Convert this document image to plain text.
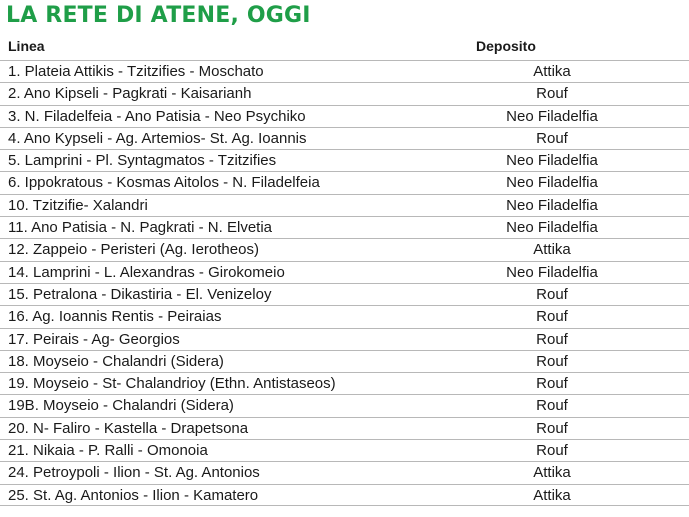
LA RETE DI ATENE, OGGI
Linea	Deposito
1. Plateia Attikis - Tzitzifies - Moschato	Attika
2. Ano Kipseli - Pagkrati - Kaisarianh	Rouf
3. N. Filadelfeia - Ano Patisia - Neo Psychiko	Neo Filadelfia
4. Ano Kypseli - Ag. Artemios- St. Ag. Ioannis	Rouf
5. Lamprini - Pl. Syntagmatos - Tzitzifies	Neo Filadelfia
6. Ippokratous - Kosmas Aitolos - N. Filadelfeia	Neo Filadelfia
10. Tzitzifie- Xalandri	Neo Filadelfia
11. Ano Patisia - N. Pagkrati - N. Elvetia	Neo Filadelfia
12. Zappeio - Peristeri (Ag. Ierotheos)	Attika
14. Lamprini - L. Alexandras - Girokomeio	Neo Filadelfia
15. Petralona - Dikastiria - El. Venizeloy	Rouf
16. Ag. Ioannis Rentis - Peiraias	Rouf
17. Peirais - Ag- Georgios	Rouf
18. Moyseio - Chalandri (Sidera)	Rouf
19. Moyseio - St- Chalandrioy (Ethn. Antistaseos)	Rouf
19B. Moyseio - Chalandri (Sidera)	Rouf
20. N- Faliro - Kastella - Drapetsona	Rouf
21. Nikaia - P. Ralli - Omonoia	Rouf
24. Petroypoli - Ilion - St. Ag. Antonios	Attika
25. St. Ag. Antonios - Ilion - Kamatero	Attika
